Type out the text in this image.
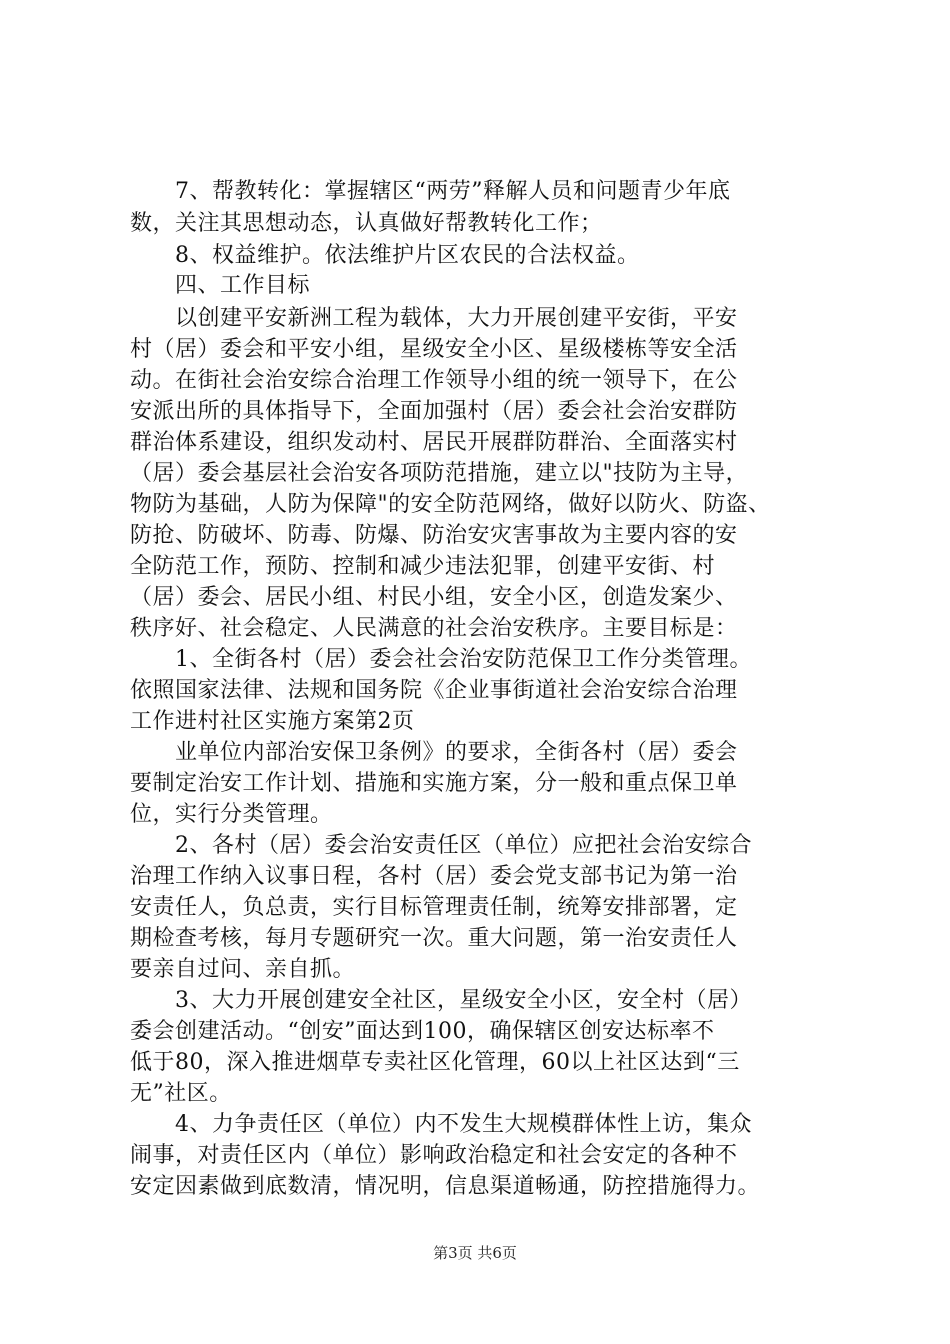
　　7、帮教转化：掌握辖区“两劳”释解人员和问题青少年底
数，关注其思想动态，认真做好帮教转化工作；
　　8、权益维护。依法维护片区农民的合法权益。
　　四、工作目标
　　以创建平安新洲工程为载体，大力开展创建平安街，平安
村（居）委会和平安小组，星级安全小区、星级楼栋等安全活
动。在街社会治安综合治理工作领导小组的统一领导下，在公
安派出所的具体指导下，全面加强村（居）委会社会治安群防
群治体系建设，组织发动村、居民开展群防群治、全面落实村
（居）委会基层社会治安各项防范措施，建立以"技防为主导，
物防为基础，人防为保障"的安全防范网络，做好以防火、防盗、
防抢、防破坏、防毒、防爆、防治安灾害事故为主要内容的安
全防范工作，预防、控制和减少违法犯罪，创建平安街、村
（居）委会、居民小组、村民小组，安全小区，创造发案少、
秩序好、社会稳定、人民满意的社会治安秩序。主要目标是：
　　1、全街各村（居）委会社会治安防范保卫工作分类管理。
依照国家法律、法规和国务院《企业事街道社会治安综合治理
工作进村社区实施方案第2页
　　业单位内部治安保卫条例》的要求，全街各村（居）委会
要制定治安工作计划、措施和实施方案，分一般和重点保卫单
位，实行分类管理。
　　2、各村（居）委会治安责任区（单位）应把社会治安综合
治理工作纳入议事日程，各村（居）委会党支部书记为第一治
安责任人，负总责，实行目标管理责任制，统筹安排部署，定
期检查考核，每月专题研究一次。重大问题，第一治安责任人
要亲自过问、亲自抓。
　　3、大力开展创建安全社区，星级安全小区，安全村（居）
委会创建活动。“创安”面达到100，确保辖区创安达标率不
低于80，深入推进烟草专卖社区化管理，60以上社区达到“三
无”社区。
　　4、力争责任区（单位）内不发生大规模群体性上访，集众
闹事，对责任区内（单位）影响政治稳定和社会安定的各种不
安定因素做到底数清，情况明，信息渠道畅通，防控措施得力。
第3页 共6页
